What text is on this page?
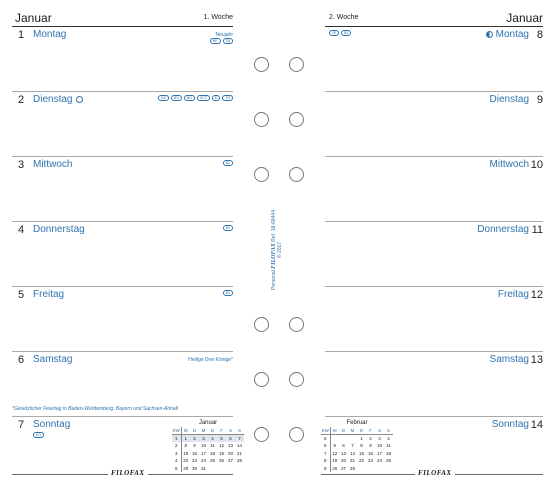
Januar	1. Woche
1 Montag	Neujahr
BE	TB
2 Dienstag	BZ	BG	BG	SCT	E	TR
3 Mittwoch	B2
4 Donnerstag	B1
5 Freitag	B1
6 Samstag	Heilige Drei Könige*
*Gesetzlicher Feiertag in Baden-Württemberg, Bayern und Sachsen-Anhalt
7 Sonntag
EG
Januar
KW	M	D	M	D	F	S	S
1	1	2	3	4	5	6	7
2	8	9	10	11	12	13	14
3	15	16	17	18	19	20	21
4	22	23	24	25	26	27	28
5	29	30	31				
FILOFAX
2. Woche	Januar
JP	B1	Montag 8
Dienstag 9
Mittwoch 10
Donnerstag 11
Freitag 12
Samstag 13
Sonntag 14
Februar
KW	M	D	M	D	F	S	S
5				1	2	3	4
6	5	6	7	8	9	10	11
7	12	13	14	15	16	17	18
8	19	20	21	22	23	24	25
9	26	27	28				
FILOFAX
Personal FILOFAX Ref. 18-68444
© 2017
